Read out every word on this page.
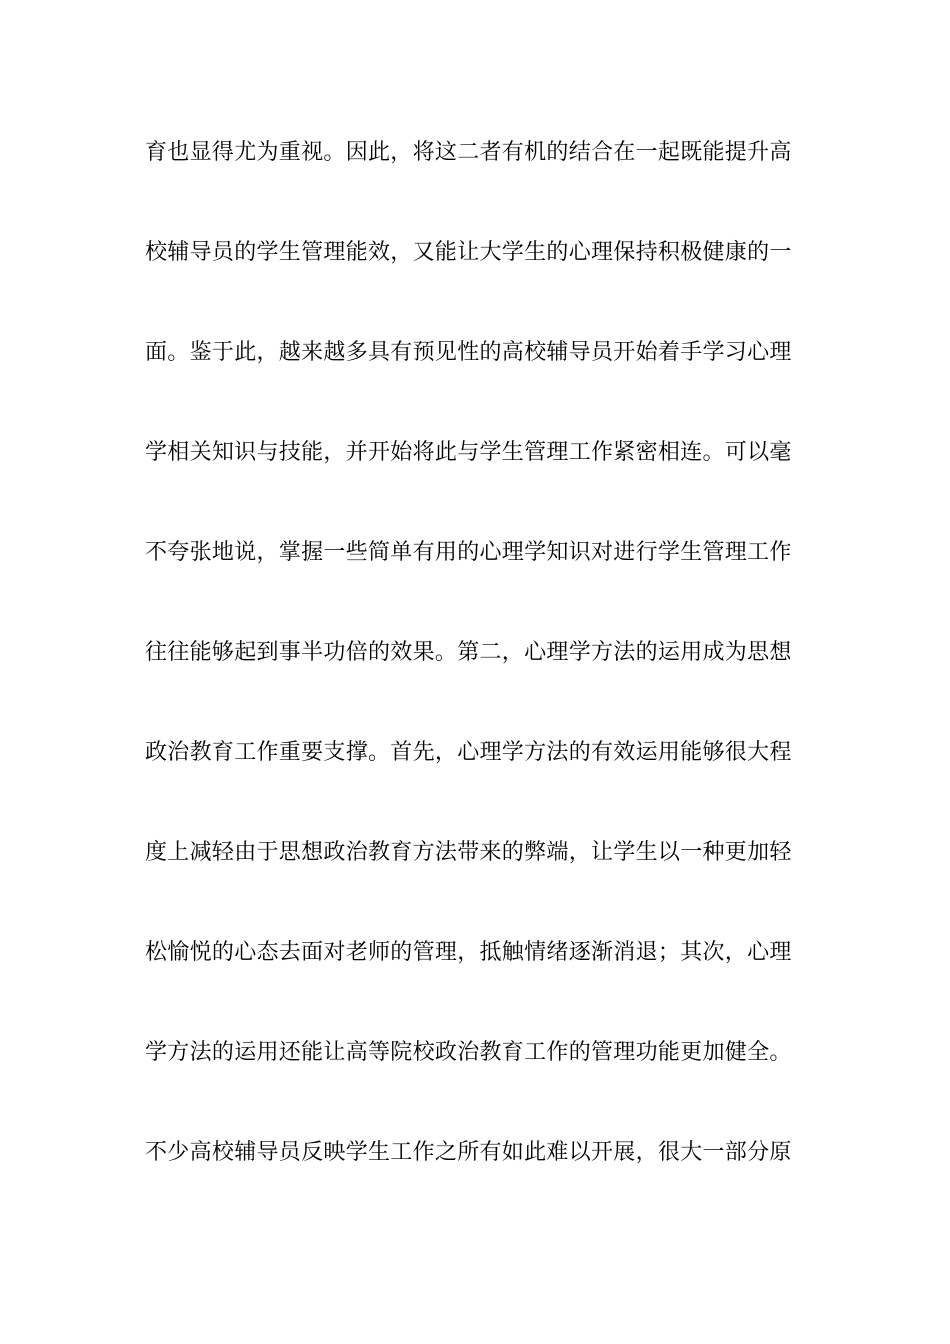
育也显得尤为重视。因此，将这二者有机的结合在一起既能提升高
校辅导员的学生管理能效，又能让大学生的心理保持积极健康的一
面。鉴于此，越来越多具有预见性的高校辅导员开始着手学习心理
学相关知识与技能，并开始将此与学生管理工作紧密相连。可以毫
不夸张地说，掌握一些简单有用的心理学知识对进行学生管理工作
往往能够起到事半功倍的效果。第二，心理学方法的运用成为思想
政治教育工作重要支撑。首先，心理学方法的有效运用能够很大程
度上减轻由于思想政治教育方法带来的弊端，让学生以一种更加轻
松愉悦的心态去面对老师的管理，抵触情绪逐渐消退；其次，心理
学方法的运用还能让高等院校政治教育工作的管理功能更加健全。
不少高校辅导员反映学生工作之所有如此难以开展，很大一部分原
